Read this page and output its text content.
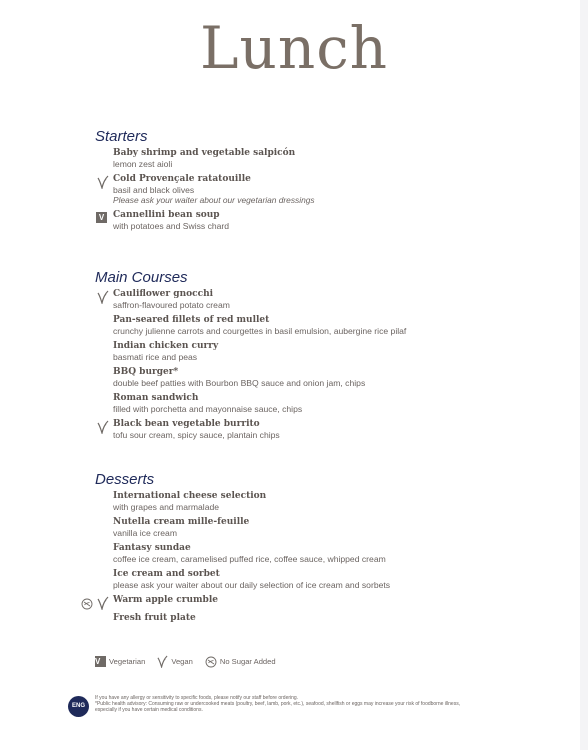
Lunch
Starters
Baby shrimp and vegetable salpicón
lemon zest aioli
Cold Provençale ratatouille
basil and black olives
Please ask your waiter about our vegetarian dressings
V Cannellini bean soup
with potatoes and Swiss chard
Main Courses
Cauliflower gnocchi
saffron-flavoured potato cream
Pan-seared fillets of red mullet
crunchy julienne carrots and courgettes in basil emulsion, aubergine rice pilaf
Indian chicken curry
basmati rice and peas
BBQ burger*
double beef patties with Bourbon BBQ sauce and onion jam, chips
Roman sandwich
filled with porchetta and mayonnaise sauce, chips
Black bean vegetable burrito
tofu sour cream, spicy sauce, plantain chips
Desserts
International cheese selection
with grapes and marmalade
Nutella cream mille-feuille
vanilla ice cream
Fantasy sundae
coffee ice cream, caramelised puffed rice, coffee sauce, whipped cream
Ice cream and sorbet
please ask your waiter about our daily selection of ice cream and sorbets
Warm apple crumble
Fresh fruit plate
V	Vegetarian	Vegan	No Sugar Added
ENG
If you have any allergy or sensitivity to specific foods, please notify our staff before ordering.
*Public health advisory: Consuming raw or undercooked meats (poultry, beef, lamb, pork, etc.), seafood, shellfish or eggs may increase your risk of foodborne illness, especially if you have certain medical conditions.
